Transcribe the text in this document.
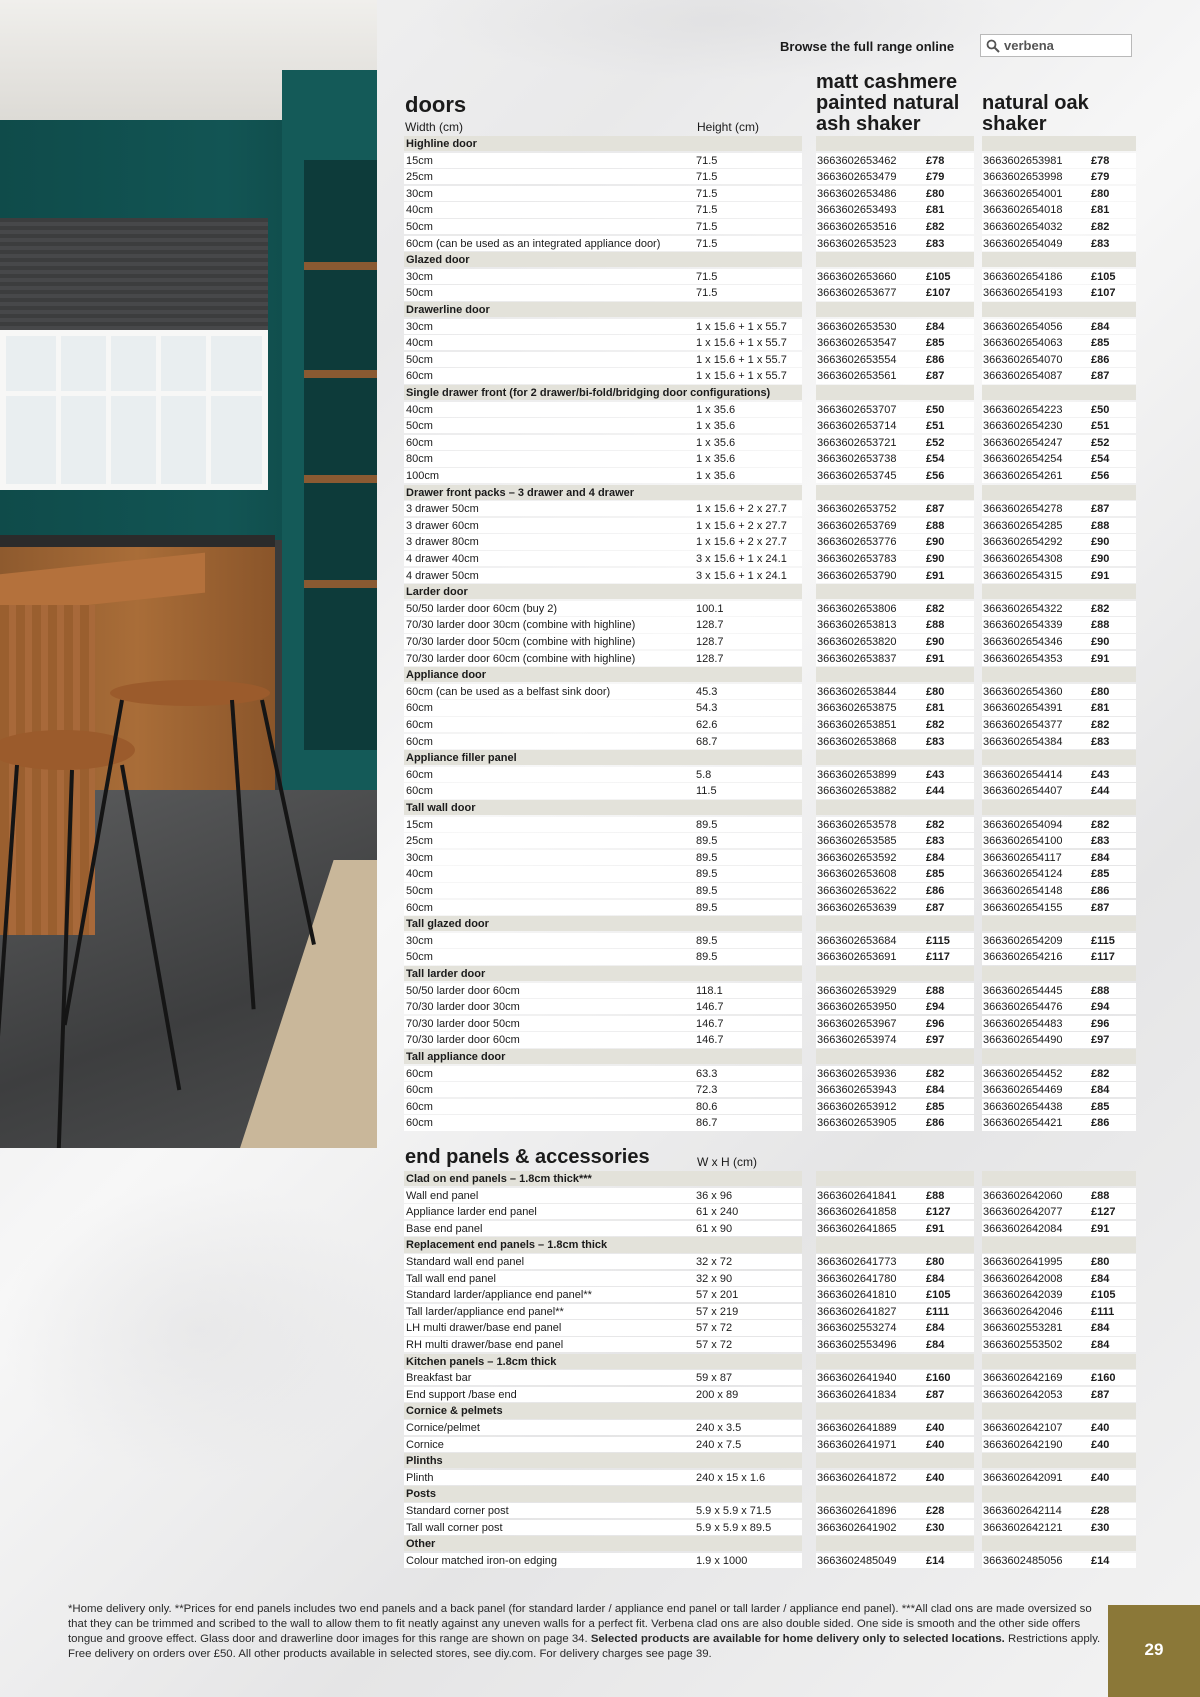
Browse the full range online	verbena
doors
matt cashmere painted natural ash shaker
natural oak shaker
Width (cm)	Height (cm)
Highline door
15cm	71.5	3663602653462	£78	3663602653981	£78
25cm	71.5	3663602653479	£79	3663602653998	£79
30cm	71.5	3663602653486	£80	3663602654001	£80
40cm	71.5	3663602653493	£81	3663602654018	£81
50cm	71.5	3663602653516	£82	3663602654032	£82
60cm (can be used as an integrated appliance door)	71.5	3663602653523	£83	3663602654049	£83
Glazed door
30cm	71.5	3663602653660	£105	3663602654186	£105
50cm	71.5	3663602653677	£107	3663602654193	£107
Drawerline door
30cm	1 x 15.6 + 1 x 55.7	3663602653530	£84	3663602654056	£84
40cm	1 x 15.6 + 1 x 55.7	3663602653547	£85	3663602654063	£85
50cm	1 x 15.6 + 1 x 55.7	3663602653554	£86	3663602654070	£86
60cm	1 x 15.6 + 1 x 55.7	3663602653561	£87	3663602654087	£87
Single drawer front (for 2 drawer/bi-fold/bridging door configurations)
40cm	1 x 35.6	3663602653707	£50	3663602654223	£50
50cm	1 x 35.6	3663602653714	£51	3663602654230	£51
60cm	1 x 35.6	3663602653721	£52	3663602654247	£52
80cm	1 x 35.6	3663602653738	£54	3663602654254	£54
100cm	1 x 35.6	3663602653745	£56	3663602654261	£56
Drawer front packs – 3 drawer and 4 drawer
3 drawer 50cm	1 x 15.6 + 2 x 27.7	3663602653752	£87	3663602654278	£87
3 drawer 60cm	1 x 15.6 + 2 x 27.7	3663602653769	£88	3663602654285	£88
3 drawer 80cm	1 x 15.6 + 2 x 27.7	3663602653776	£90	3663602654292	£90
4 drawer 40cm	3 x 15.6 + 1 x 24.1	3663602653783	£90	3663602654308	£90
4 drawer 50cm	3 x 15.6 + 1 x 24.1	3663602653790	£91	3663602654315	£91
Larder door
50/50 larder door 60cm (buy 2)	100.1	3663602653806	£82	3663602654322	£82
70/30 larder door 30cm (combine with highline)	128.7	3663602653813	£88	3663602654339	£88
70/30 larder door 50cm (combine with highline)	128.7	3663602653820	£90	3663602654346	£90
70/30 larder door 60cm (combine with highline)	128.7	3663602653837	£91	3663602654353	£91
Appliance door
60cm (can be used as a belfast sink door)	45.3	3663602653844	£80	3663602654360	£80
60cm	54.3	3663602653875	£81	3663602654391	£81
60cm	62.6	3663602653851	£82	3663602654377	£82
60cm	68.7	3663602653868	£83	3663602654384	£83
Appliance filler panel
60cm	5.8	3663602653899	£43	3663602654414	£43
60cm	11.5	3663602653882	£44	3663602654407	£44
Tall wall door
15cm	89.5	3663602653578	£82	3663602654094	£82
25cm	89.5	3663602653585	£83	3663602654100	£83
30cm	89.5	3663602653592	£84	3663602654117	£84
40cm	89.5	3663602653608	£85	3663602654124	£85
50cm	89.5	3663602653622	£86	3663602654148	£86
60cm	89.5	3663602653639	£87	3663602654155	£87
Tall glazed door
30cm	89.5	3663602653684	£115	3663602654209	£115
50cm	89.5	3663602653691	£117	3663602654216	£117
Tall larder door
50/50 larder door 60cm	118.1	3663602653929	£88	3663602654445	£88
70/30 larder door 30cm	146.7	3663602653950	£94	3663602654476	£94
70/30 larder door 50cm	146.7	3663602653967	£96	3663602654483	£96
70/30 larder door 60cm	146.7	3663602653974	£97	3663602654490	£97
Tall appliance door
60cm	63.3	3663602653936	£82	3663602654452	£82
60cm	72.3	3663602653943	£84	3663602654469	£84
60cm	80.6	3663602653912	£85	3663602654438	£85
60cm	86.7	3663602653905	£86	3663602654421	£86
end panels & accessories	W x H (cm)
Clad on end panels – 1.8cm thick***
Wall end panel	36 x 96	3663602641841	£88	3663602642060	£88
Appliance larder end panel	61 x 240	3663602641858	£127	3663602642077	£127
Base end panel	61 x 90	3663602641865	£91	3663602642084	£91
Replacement end panels – 1.8cm thick
Standard wall end panel	32 x 72	3663602641773	£80	3663602641995	£80
Tall wall end panel	32 x 90	3663602641780	£84	3663602642008	£84
Standard larder/appliance end panel**	57 x 201	3663602641810	£105	3663602642039	£105
Tall larder/appliance end panel**	57 x 219	3663602641827	£111	3663602642046	£111
LH multi drawer/base end panel	57 x 72	3663602553274	£84	3663602553281	£84
RH multi drawer/base end panel	57 x 72	3663602553496	£84	3663602553502	£84
Kitchen panels – 1.8cm thick
Breakfast bar	59 x 87	3663602641940	£160	3663602642169	£160
End support /base end	200 x 89	3663602641834	£87	3663602642053	£87
Cornice & pelmets
Cornice/pelmet	240 x 3.5	3663602641889	£40	3663602642107	£40
Cornice	240 x 7.5	3663602641971	£40	3663602642190	£40
Plinths
Plinth	240 x 15 x 1.6	3663602641872	£40	3663602642091	£40
Posts
Standard corner post	5.9 x 5.9 x 71.5	3663602641896	£28	3663602642114	£28
Tall wall corner post	5.9 x 5.9 x 89.5	3663602641902	£30	3663602642121	£30
Other
Colour matched iron-on edging	1.9 x 1000	3663602485049	£14	3663602485056	£14
*Home delivery only. **Prices for end panels includes two end panels and a back panel (for standard larder / appliance end panel or tall larder / appliance end panel). ***All clad ons are made oversized so that they can be trimmed and scribed to the wall to allow them to fit neatly against any uneven walls for a perfect fit. Verbena clad ons are also double sided. One side is smooth and the other side offers tongue and groove effect. Glass door and drawerline door images for this range are shown on page 34. Selected products are available for home delivery only to selected locations. Restrictions apply. Free delivery on orders over £50. All other products available in selected stores, see diy.com. For delivery charges see page 39.	29
